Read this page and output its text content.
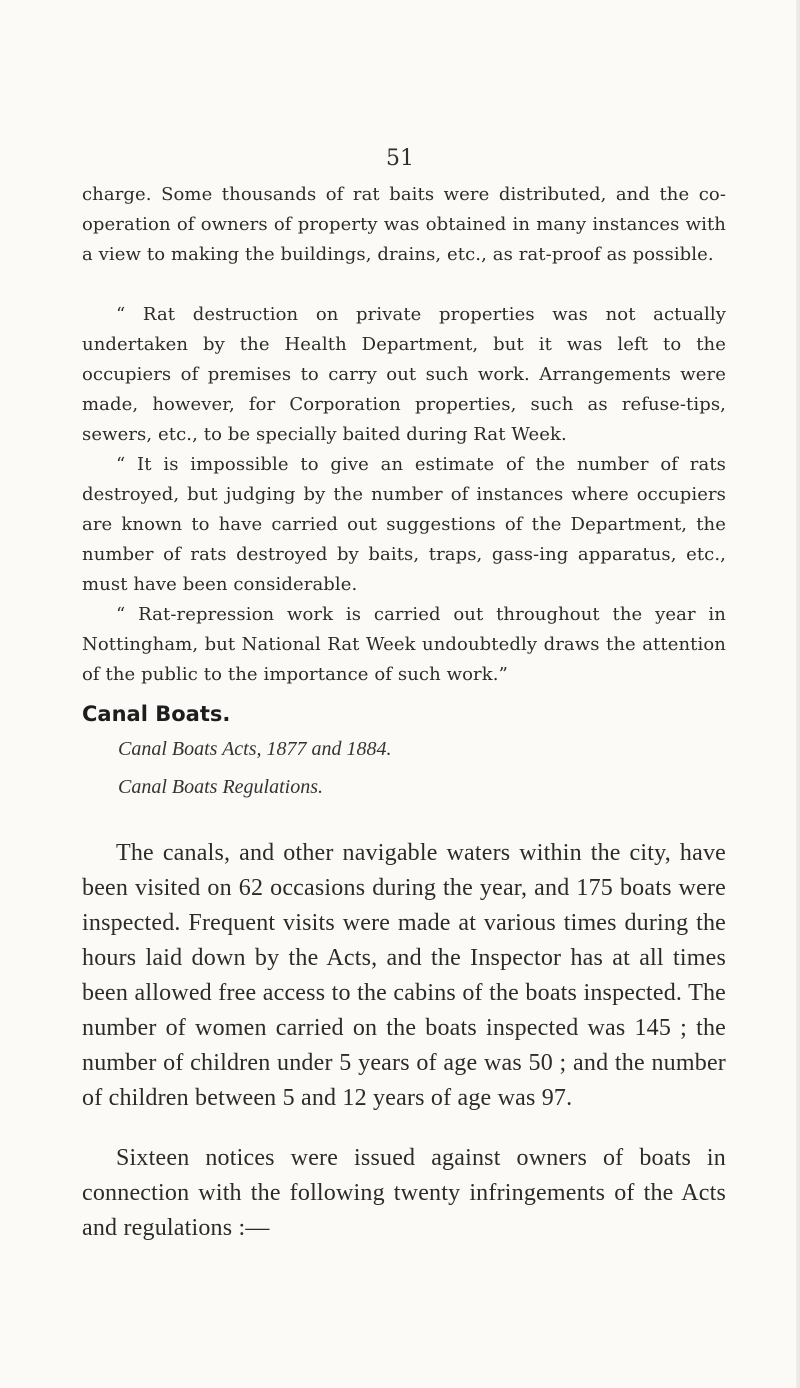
51

charge. Some thousands of rat baits were distributed, and the co-operation of owners of property was obtained in many instances with a view to making the buildings, drains, etc., as rat-proof as possible.

“ Rat destruction on private properties was not actually undertaken by the Health Department, but it was left to the occupiers of premises to carry out such work. Arrangements were made, however, for Corporation properties, such as refuse-tips, sewers, etc., to be specially baited during Rat Week.

“ It is impossible to give an estimate of the number of rats destroyed, but judging by the number of instances where occupiers are known to have carried out suggestions of the Department, the number of rats destroyed by baits, traps, gass-ing apparatus, etc., must have been considerable.

“ Rat-repression work is carried out throughout the year in Nottingham, but National Rat Week undoubtedly draws the attention of the public to the importance of such work.”

Canal Boats.

Canal Boats Acts, 1877 and 1884.

Canal Boats Regulations.

The canals, and other navigable waters within the city, have been visited on 62 occasions during the year, and 175 boats were inspected. Frequent visits were made at various times during the hours laid down by the Acts, and the Inspector has at all times been allowed free access to the cabins of the boats inspected. The number of women carried on the boats inspected was 145 ; the number of children under 5 years of age was 50 ; and the number of children between 5 and 12 years of age was 97.

Sixteen notices were issued against owners of boats in connection with the following twenty infringements of the Acts and regulations :—
